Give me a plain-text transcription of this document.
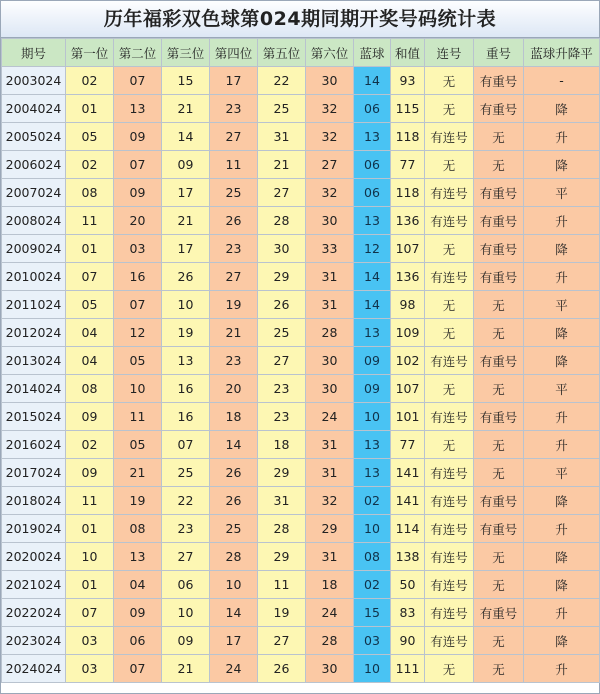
历年福彩双色球第024期同期开奖号码统计表
期号	第一位	第二位	第三位	第四位	第五位	第六位	蓝球	和值	连号	重号	蓝球升降平
2003024	02	07	15	17	22	30	14	93	无	有重号	-
2004024	01	13	21	23	25	32	06	115	无	有重号	降
2005024	05	09	14	27	31	32	13	118	有连号	无	升
2006024	02	07	09	11	21	27	06	77	无	无	降
2007024	08	09	17	25	27	32	06	118	有连号	有重号	平
2008024	11	20	21	26	28	30	13	136	有连号	有重号	升
2009024	01	03	17	23	30	33	12	107	无	有重号	降
2010024	07	16	26	27	29	31	14	136	有连号	有重号	升
2011024	05	07	10	19	26	31	14	98	无	无	平
2012024	04	12	19	21	25	28	13	109	无	无	降
2013024	04	05	13	23	27	30	09	102	有连号	有重号	降
2014024	08	10	16	20	23	30	09	107	无	无	平
2015024	09	11	16	18	23	24	10	101	有连号	有重号	升
2016024	02	05	07	14	18	31	13	77	无	无	升
2017024	09	21	25	26	29	31	13	141	有连号	无	平
2018024	11	19	22	26	31	32	02	141	有连号	有重号	降
2019024	01	08	23	25	28	29	10	114	有连号	有重号	升
2020024	10	13	27	28	29	31	08	138	有连号	无	降
2021024	01	04	06	10	11	18	02	50	有连号	无	降
2022024	07	09	10	14	19	24	15	83	有连号	有重号	升
2023024	03	06	09	17	27	28	03	90	有连号	无	降
2024024	03	07	21	24	26	30	10	111	无	无	升
